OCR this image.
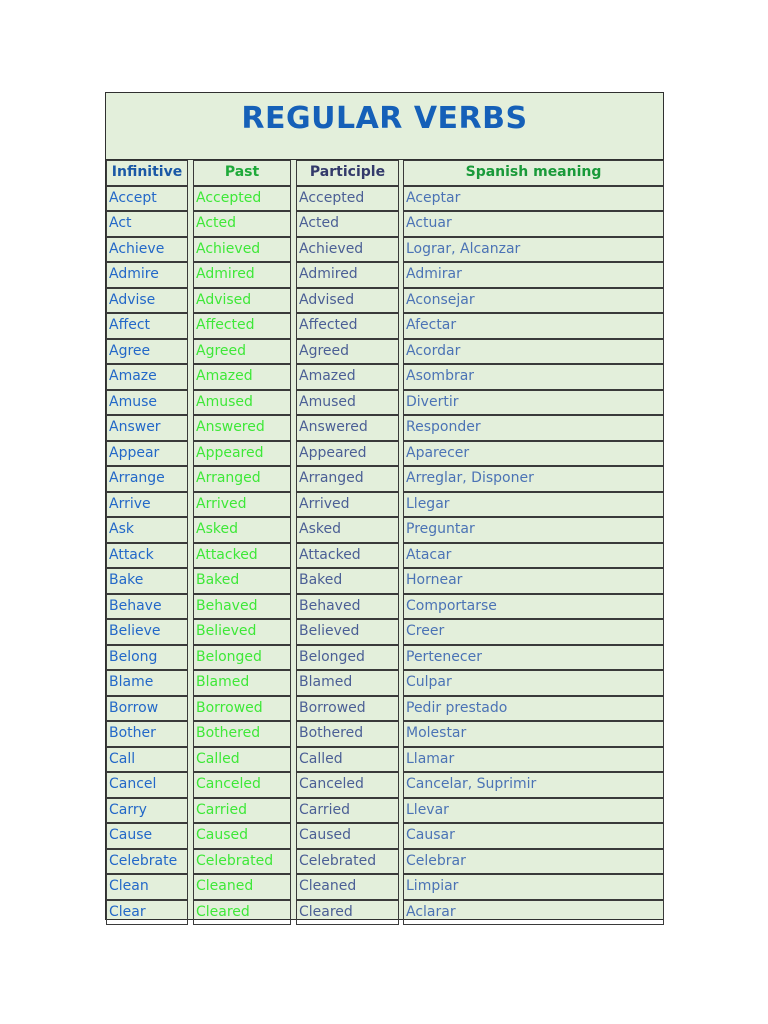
REGULAR VERBS
Infinitive	Past	Participle	Spanish meaning
Accept	Accepted	Accepted	Aceptar
Act	Acted	Acted	Actuar
Achieve	Achieved	Achieved	Lograr, Alcanzar
Admire	Admired	Admired	Admirar
Advise	Advised	Advised	Aconsejar
Affect	Affected	Affected	Afectar
Agree	Agreed	Agreed	Acordar
Amaze	Amazed	Amazed	Asombrar
Amuse	Amused	Amused	Divertir
Answer	Answered	Answered	Responder
Appear	Appeared	Appeared	Aparecer
Arrange	Arranged	Arranged	Arreglar, Disponer
Arrive	Arrived	Arrived	Llegar
Ask	Asked	Asked	Preguntar
Attack	Attacked	Attacked	Atacar
Bake	Baked	Baked	Hornear
Behave	Behaved	Behaved	Comportarse
Believe	Believed	Believed	Creer
Belong	Belonged	Belonged	Pertenecer
Blame	Blamed	Blamed	Culpar
Borrow	Borrowed	Borrowed	Pedir prestado
Bother	Bothered	Bothered	Molestar
Call	Called	Called	Llamar
Cancel	Canceled	Canceled	Cancelar, Suprimir
Carry	Carried	Carried	Llevar
Cause	Caused	Caused	Causar
Celebrate	Celebrated	Celebrated	Celebrar
Clean	Cleaned	Cleaned	Limpiar
Clear	Cleared	Cleared	Aclarar
